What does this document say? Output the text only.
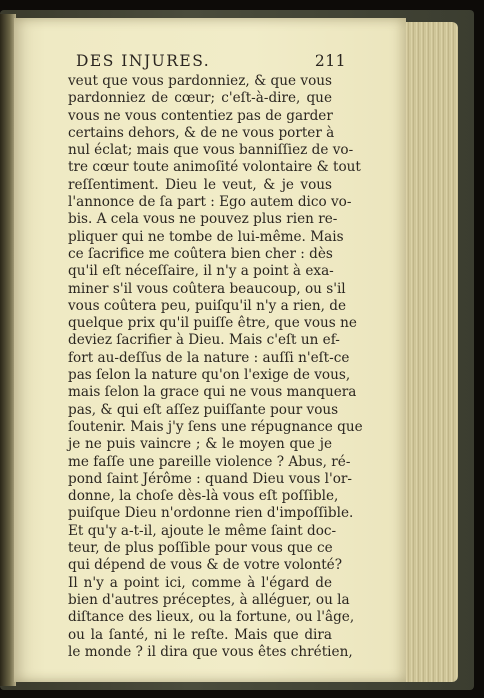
DES INJURES.	211
veut que vous pardonniez, & que vous
pardonniez de cœur; c'eſt-à-dire, que
vous ne vous contentiez pas de garder
certains dehors, & de ne vous porter à
nul éclat; mais que vous banniſſiez de vo-
tre cœur toute animoſité volontaire & tout
reſſentiment. Dieu le veut, & je vous
l'annonce de ſa part : Ego autem dico vo-
bis. A cela vous ne pouvez plus rien re-
pliquer qui ne tombe de lui-même. Mais
ce ſacrifice me coûtera bien cher : dès
qu'il eſt néceſſaire, il n'y a point à exa-
miner s'il vous coûtera beaucoup, ou s'il
vous coûtera peu, puiſqu'il n'y a rien, de
quelque prix qu'il puiſſe être, que vous ne
deviez ſacrifier à Dieu. Mais c'eſt un ef-
fort au-deſſus de la nature : auſſi n'eſt-ce
pas ſelon la nature qu'on l'exige de vous,
mais ſelon la grace qui ne vous manquera
pas, & qui eſt aſſez puiſſante pour vous
ſoutenir. Mais j'y ſens une répugnance que
je ne puis vaincre ; & le moyen que je
me faſſe une pareille violence ? Abus, ré-
pond ſaint Jérôme : quand Dieu vous l'or-
donne, la choſe dès-là vous eſt poſſible,
puiſque Dieu n'ordonne rien d'impoſſible.
Et qu'y a-t-il, ajoute le même ſaint doc-
teur, de plus poſſible pour vous que ce
qui dépend de vous & de votre volonté?
Il n'y a point ici, comme à l'égard de
bien d'autres préceptes, à alléguer, ou la
diſtance des lieux, ou la fortune, ou l'âge,
ou la ſanté, ni le reſte. Mais que dira
le monde ? il dira que vous êtes chrétien,
